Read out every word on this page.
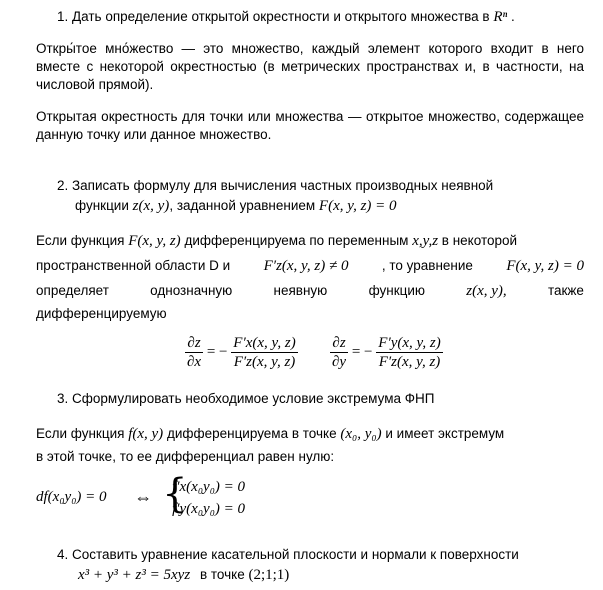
1. Дать определение открытой окрестности и открытого множества в Rⁿ .
Откры́тое мно́жество — это множество, каждый элемент которого входит в него вместе с некоторой окрестностью (в метрических пространствах и, в частности, на числовой прямой).
Открытая окрестность для точки или множества — открытое множество, содержащее данную точку или данное множество.
2. Записать формулу для вычисления частных производных неявной
функции z(x, y), заданной уравнением F(x, y, z) = 0
Если функция F(x, y, z) дифференцируема по переменным x,y,z в некоторой
пространственной области D и F′z(x, y, z) ≠ 0 , то уравнение F(x, y, z) = 0
определяет	однозначную	неявную	функцию	z(x, y),	также
дифференцируемую
$\frac{\partial z}{\partial x}$ = − $\frac{F'x(x, y, z)}{F'z(x, y, z)} \frac{\partial z}{\partial y}$ = − $\frac{F'y(x, y, z)}{F'z(x, y, z)}$
3. Сформулировать необходимое условие экстремума ФНП
Если функция f(x, y) дифференцируема в точке (x₀, y₀) и имеет экстремум
в этой точке, то ее дифференциал равен нулю:
df(x₀y₀) = 0 ⇔ {
f′x(x₀y₀) = 0
f′y(x₀y₀) = 0
4. Составить уравнение касательной плоскости и нормали к поверхности
x³ + y³ + z³ = 5xyz в точке (2;1;1)
